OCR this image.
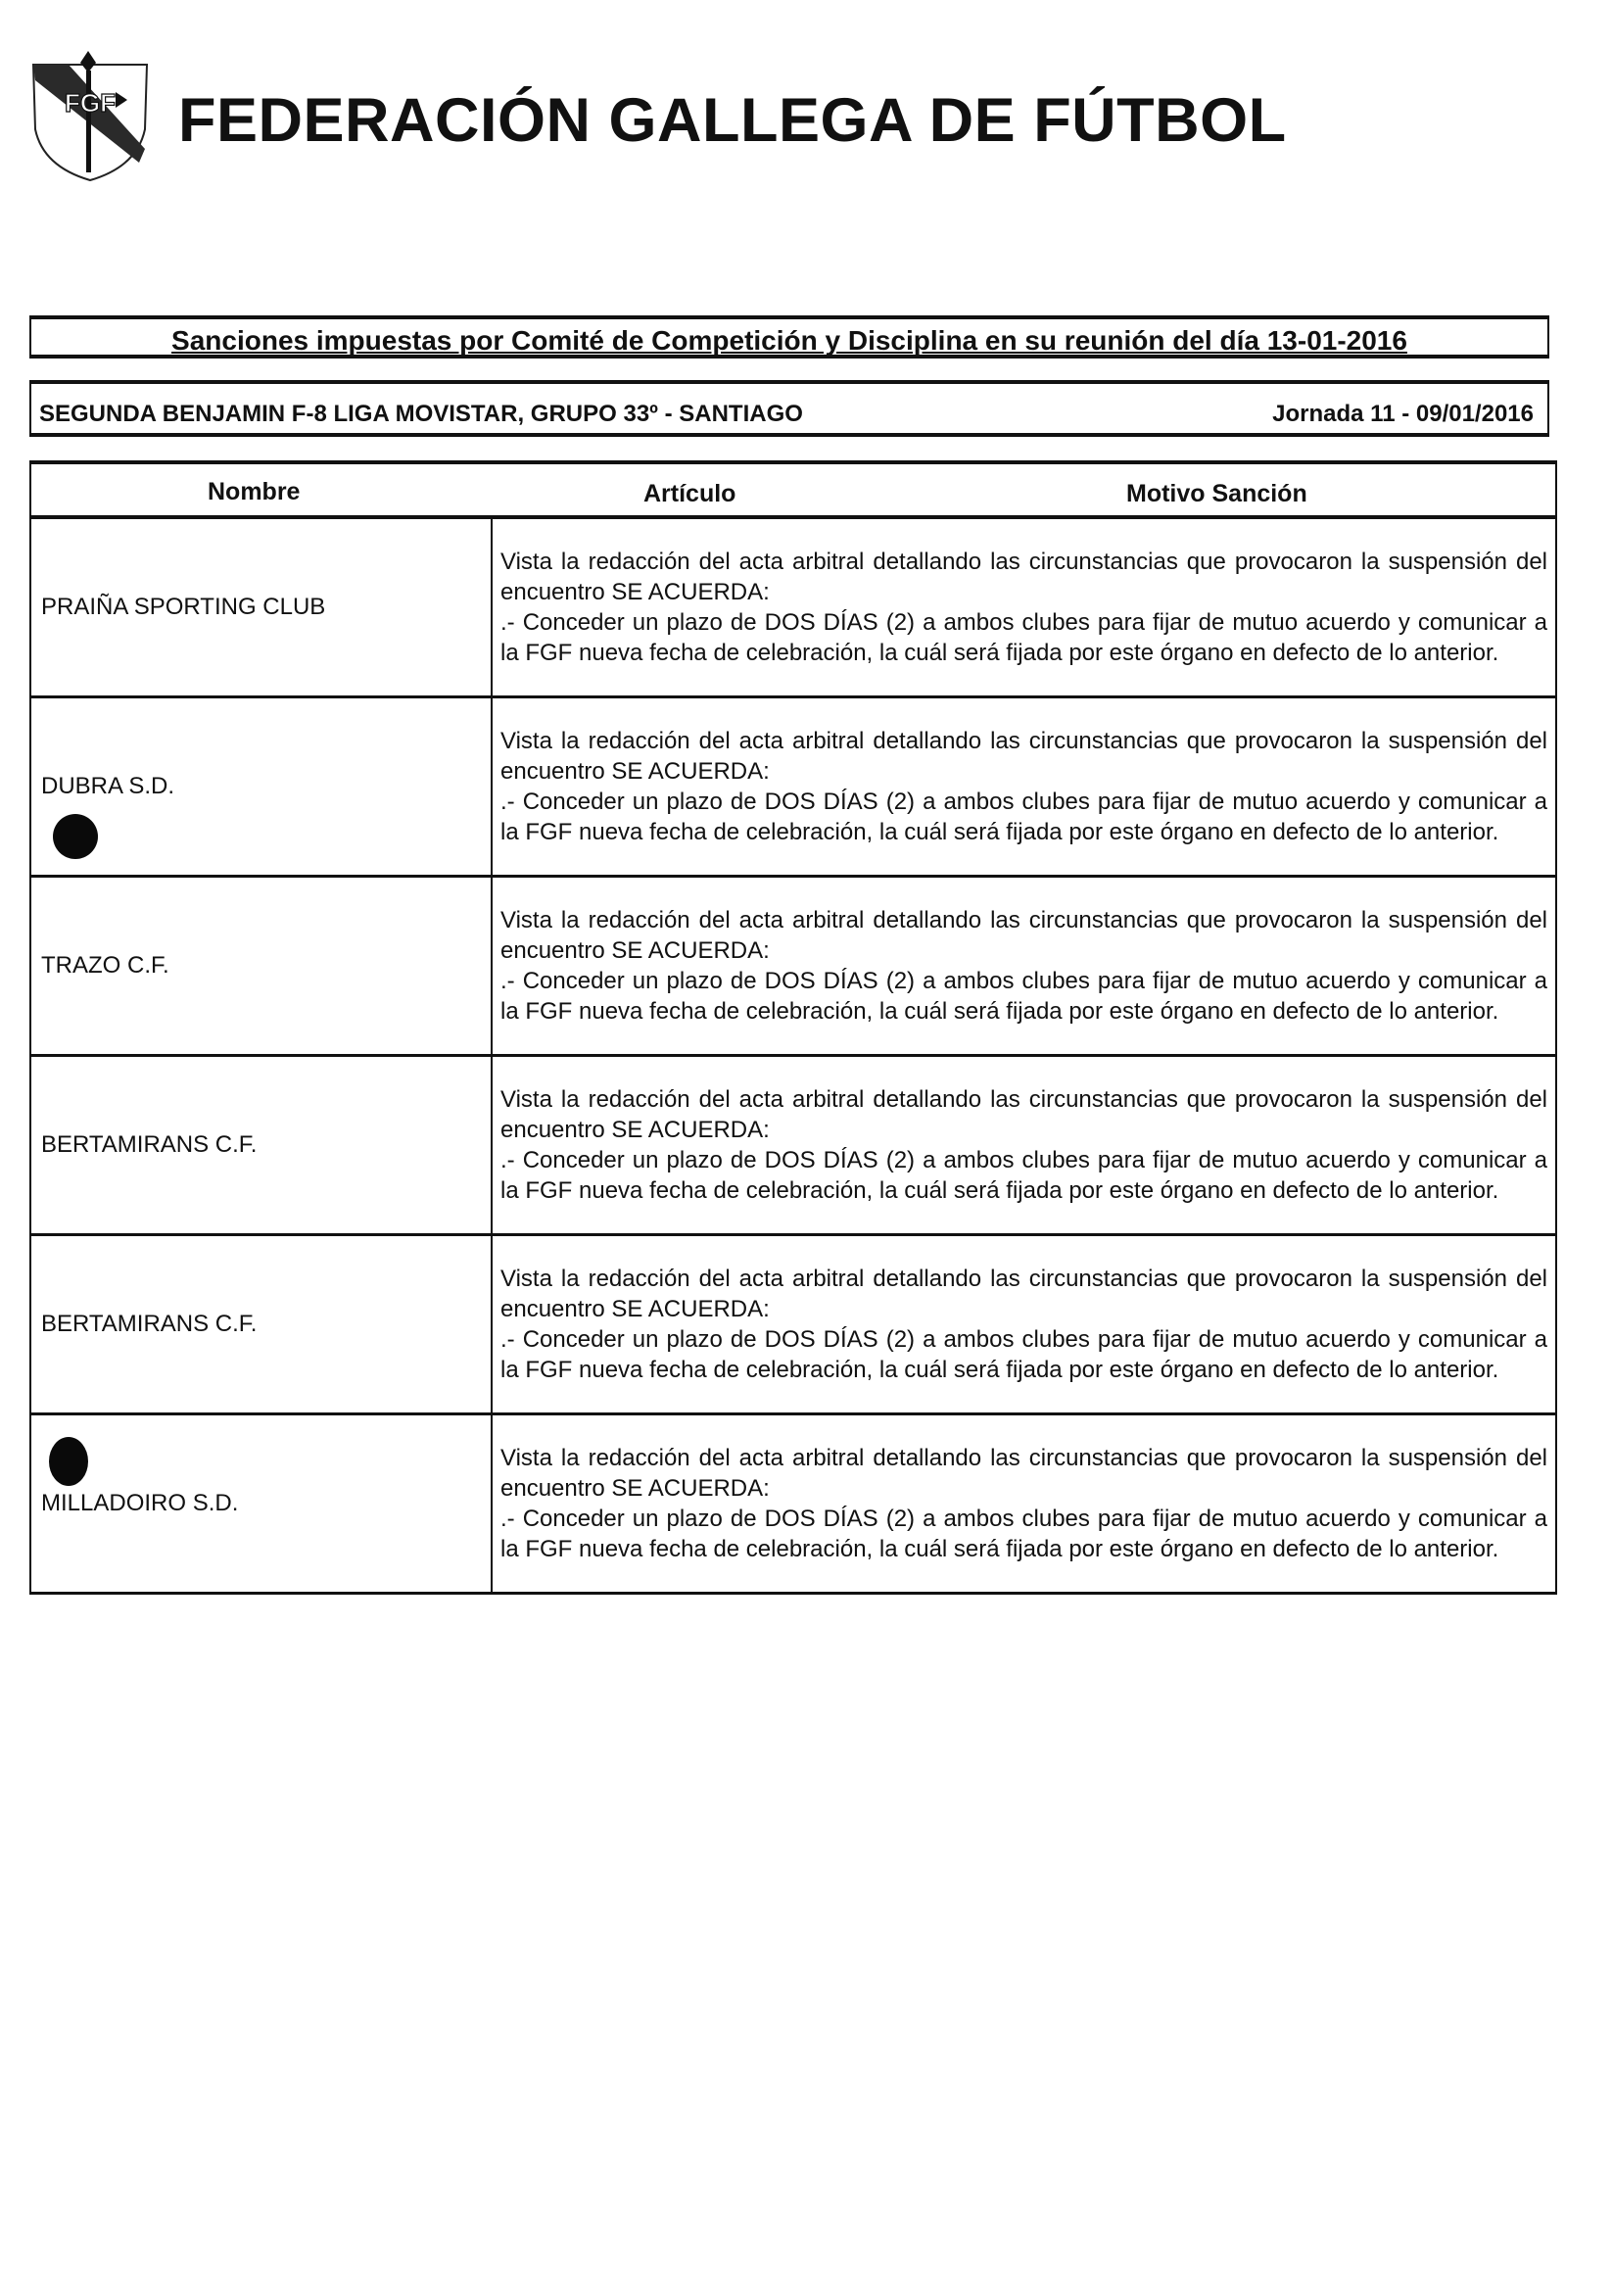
FGF FEDERACIÓN GALLEGA DE FÚTBOL
Sanciones impuestas por Comité de Competición y Disciplina en su reunión del día 13-01-2016
SEGUNDA BENJAMIN F-8 LIGA MOVISTAR, GRUPO 33º - SANTIAGO	Jornada 11 - 09/01/2016
Nombre Artículo Motivo Sanción	

PRAIÑA SPORTING CLUB	Vista la redacción del acta arbitral detallando las circunstancias que provocaron la suspensión del encuentro SE ACUERDA:
.- Conceder un plazo de DOS DÍAS (2) a ambos clubes para fijar de mutuo acuerdo y comunicar a la FGF nueva fecha de celebración, la cuál será fijada por este órgano en defecto de lo anterior.

DUBRA S.D.	Vista la redacción del acta arbitral detallando las circunstancias que provocaron la suspensión del encuentro SE ACUERDA:
.- Conceder un plazo de DOS DÍAS (2) a ambos clubes para fijar de mutuo acuerdo y comunicar a la FGF nueva fecha de celebración, la cuál será fijada por este órgano en defecto de lo anterior.

TRAZO C.F.	Vista la redacción del acta arbitral detallando las circunstancias que provocaron la suspensión del encuentro SE ACUERDA:
.- Conceder un plazo de DOS DÍAS (2) a ambos clubes para fijar de mutuo acuerdo y comunicar a la FGF nueva fecha de celebración, la cuál será fijada por este órgano en defecto de lo anterior.

BERTAMIRANS C.F.	Vista la redacción del acta arbitral detallando las circunstancias que provocaron la suspensión del encuentro SE ACUERDA:
.- Conceder un plazo de DOS DÍAS (2) a ambos clubes para fijar de mutuo acuerdo y comunicar a la FGF nueva fecha de celebración, la cuál será fijada por este órgano en defecto de lo anterior.

BERTAMIRANS C.F.	Vista la redacción del acta arbitral detallando las circunstancias que provocaron la suspensión del encuentro SE ACUERDA:
.- Conceder un plazo de DOS DÍAS (2) a ambos clubes para fijar de mutuo acuerdo y comunicar a la FGF nueva fecha de celebración, la cuál será fijada por este órgano en defecto de lo anterior.

MILLADOIRO S.D.	Vista la redacción del acta arbitral detallando las circunstancias que provocaron la suspensión del encuentro SE ACUERDA:
.- Conceder un plazo de DOS DÍAS (2) a ambos clubes para fijar de mutuo acuerdo y comunicar a la FGF nueva fecha de celebración, la cuál será fijada por este órgano en defecto de lo anterior.
